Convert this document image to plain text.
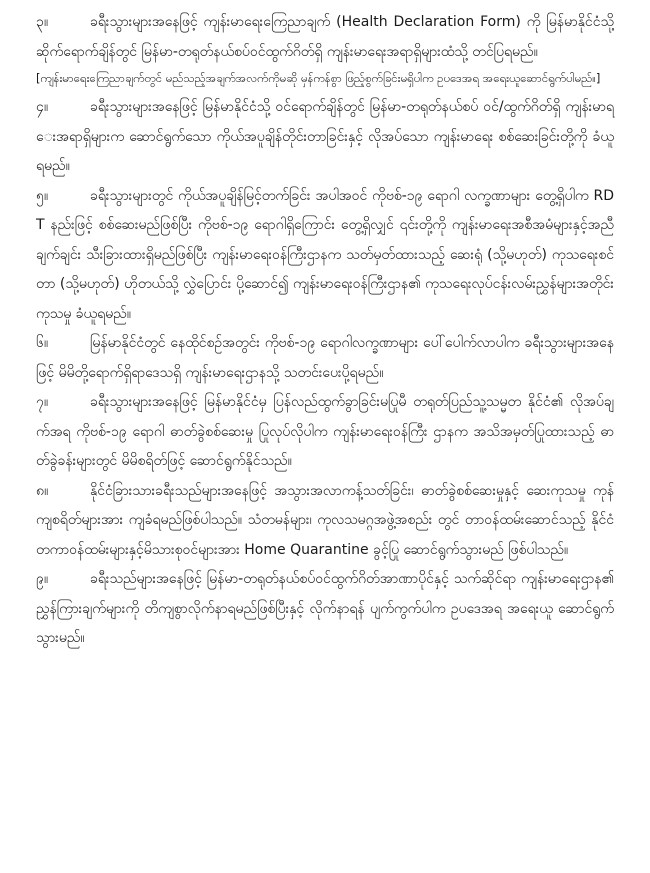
၃။	ခရီးသွားများအနေဖြင့် ကျန်းမာရေးကြေညာချက် (Health Declaration Form) ကို မြန်မာနိုင်ငံသို့ ဆိုက်ရောက်ချိန်တွင် မြန်မာ-တရုတ်နယ်စပ်ဝင်ထွက်ဂိတ်ရှိ ကျန်းမာရေးအရာရှိများထံသို့ တင်ပြရမည်။

[ကျန်းမာရေးကြေညာချက်တွင် မည်သည့်အချက်အလက်ကိုမဆို မှန်ကန်စွာ ဖြည့်စွက်ခြင်းမရှိပါက ဥပဒေအရ အရေးယူဆောင်ရွက်ပါမည်။]

၄။	ခရီးသွားများအနေဖြင့် မြန်မာနိုင်ငံသို့ ဝင်ရောက်ချိန်တွင် မြန်မာ-တရုတ်နယ်စပ် ဝင်/ထွက်ဂိတ်ရှိ ကျန်းမာရေးအရာရှိများက ဆောင်ရွက်သော ကိုယ်အပူချိန်တိုင်းတာခြင်းနှင့် လိုအပ်သော ကျန်းမာရေး စစ်ဆေးခြင်းတို့ကို ခံယူရမည်။

၅။	ခရီးသွားများတွင် ကိုယ်အပူချိန်မြင့်တက်ခြင်း အပါအဝင် ကိုဗစ်-၁၉ ရောဂါ လက္ခဏာများ တွေ့ရှိပါက RDT နည်းဖြင့် စစ်ဆေးမည်ဖြစ်ပြီး ကိုဗစ်-၁၉ ရောဂါရှိကြောင်း တွေ့ရှိလျှင် ၎င်းတို့ကို ကျန်းမာရေးအစီအမံများနှင့်အညီ ချက်ချင်း သီးခြားထားရှိမည်ဖြစ်ပြီး ကျန်းမာရေးဝန်ကြီးဌာနက သတ်မှတ်ထားသည့် ဆေးရုံ (သို့မဟုတ်) ကုသရေးစင်တာ (သို့မဟုတ်) ဟိုတယ်သို့ လွှဲပြောင်း ပို့ဆောင်၍ ကျန်းမာရေးဝန်ကြီးဌာန၏ ကုသရေးလုပ်ငန်းလမ်းညွှန်များအတိုင်း ကုသမှု ခံယူရမည်။

၆။	မြန်မာနိုင်ငံတွင် နေထိုင်စဉ်အတွင်း ကိုဗစ်-၁၉ ရောဂါလက္ခဏာများ ပေါ်ပေါက်လာပါက ခရီးသွားများအနေဖြင့် မိမိတို့ရောက်ရှိရာဒေသရှိ ကျန်းမာရေးဌာနသို့ သတင်းပေးပို့ရမည်။

၇။	ခရီးသွားများအနေဖြင့် မြန်မာနိုင်ငံမှ ပြန်လည်ထွက်ခွာခြင်းမပြုမီ တရုတ်ပြည်သူ့သမ္မတ နိုင်ငံ၏ လိုအပ်ချက်အရ ကိုဗစ်-၁၉ ရောဂါ ဓာတ်ခွဲစစ်ဆေးမှု ပြုလုပ်လိုပါက ကျန်းမာရေးဝန်ကြီး ဌာနက အသိအမှတ်ပြုထားသည့် ဓာတ်ခွဲခန်းများတွင် မိမိစရိတ်ဖြင့် ဆောင်ရွက်နိုင်သည်။

၈။	နိုင်ငံခြားသားခရီးသည်များအနေဖြင့် အသွားအလာကန့်သတ်ခြင်း၊ ဓာတ်ခွဲစစ်ဆေးမှုနှင့် ဆေးကုသမှု ကုန်ကျစရိတ်များအား ကျခံရမည်ဖြစ်ပါသည်။ သံတမန်များ၊ ကုလသမဂ္ဂအဖွဲ့အစည်း တွင် တာဝန်ထမ်းဆောင်သည့် နိုင်ငံတကာဝန်ထမ်းများနှင့်မိသားစုဝင်များအား Home Quarantine ခွင့်ပြု ဆောင်ရွက်သွားမည် ဖြစ်ပါသည်။

၉။	ခရီးသည်များအနေဖြင့် မြန်မာ-တရုတ်နယ်စပ်ဝင်ထွက်ဂိတ်အာဏာပိုင်နှင့် သက်ဆိုင်ရာ ကျန်းမာရေးဌာန၏ ညွှန်ကြားချက်များကို တိကျစွာလိုက်နာရမည်ဖြစ်ပြီးနှင့် လိုက်နာရန် ပျက်ကွက်ပါက ဥပဒေအရ အရေးယူ ဆောင်ရွက်သွားမည်။
